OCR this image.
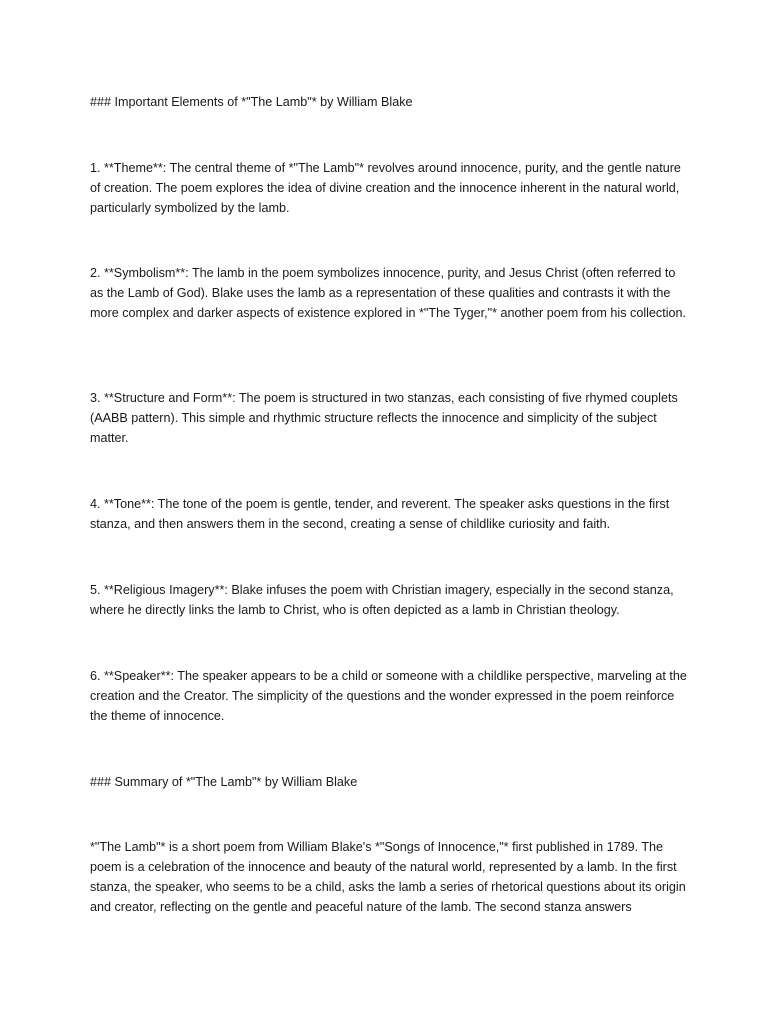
### Important Elements of *"The Lamb"* by William Blake

1. **Theme**: The central theme of *"The Lamb"* revolves around innocence, purity, and the gentle nature of creation. The poem explores the idea of divine creation and the innocence inherent in the natural world, particularly symbolized by the lamb.

2. **Symbolism**: The lamb in the poem symbolizes innocence, purity, and Jesus Christ (often referred to as the Lamb of God). Blake uses the lamb as a representation of these qualities and contrasts it with the more complex and darker aspects of existence explored in *"The Tyger,"* another poem from his collection.

3. **Structure and Form**: The poem is structured in two stanzas, each consisting of five rhymed couplets (AABB pattern). This simple and rhythmic structure reflects the innocence and simplicity of the subject matter.

4. **Tone**: The tone of the poem is gentle, tender, and reverent. The speaker asks questions in the first stanza, and then answers them in the second, creating a sense of childlike curiosity and faith.

5. **Religious Imagery**: Blake infuses the poem with Christian imagery, especially in the second stanza, where he directly links the lamb to Christ, who is often depicted as a lamb in Christian theology.

6. **Speaker**: The speaker appears to be a child or someone with a childlike perspective, marveling at the creation and the Creator. The simplicity of the questions and the wonder expressed in the poem reinforce the theme of innocence.

### Summary of *"The Lamb"* by William Blake

*"The Lamb"* is a short poem from William Blake's *"Songs of Innocence,"* first published in 1789. The poem is a celebration of the innocence and beauty of the natural world, represented by a lamb. In the first stanza, the speaker, who seems to be a child, asks the lamb a series of rhetorical questions about its origin and creator, reflecting on the gentle and peaceful nature of the lamb. The second stanza answers
